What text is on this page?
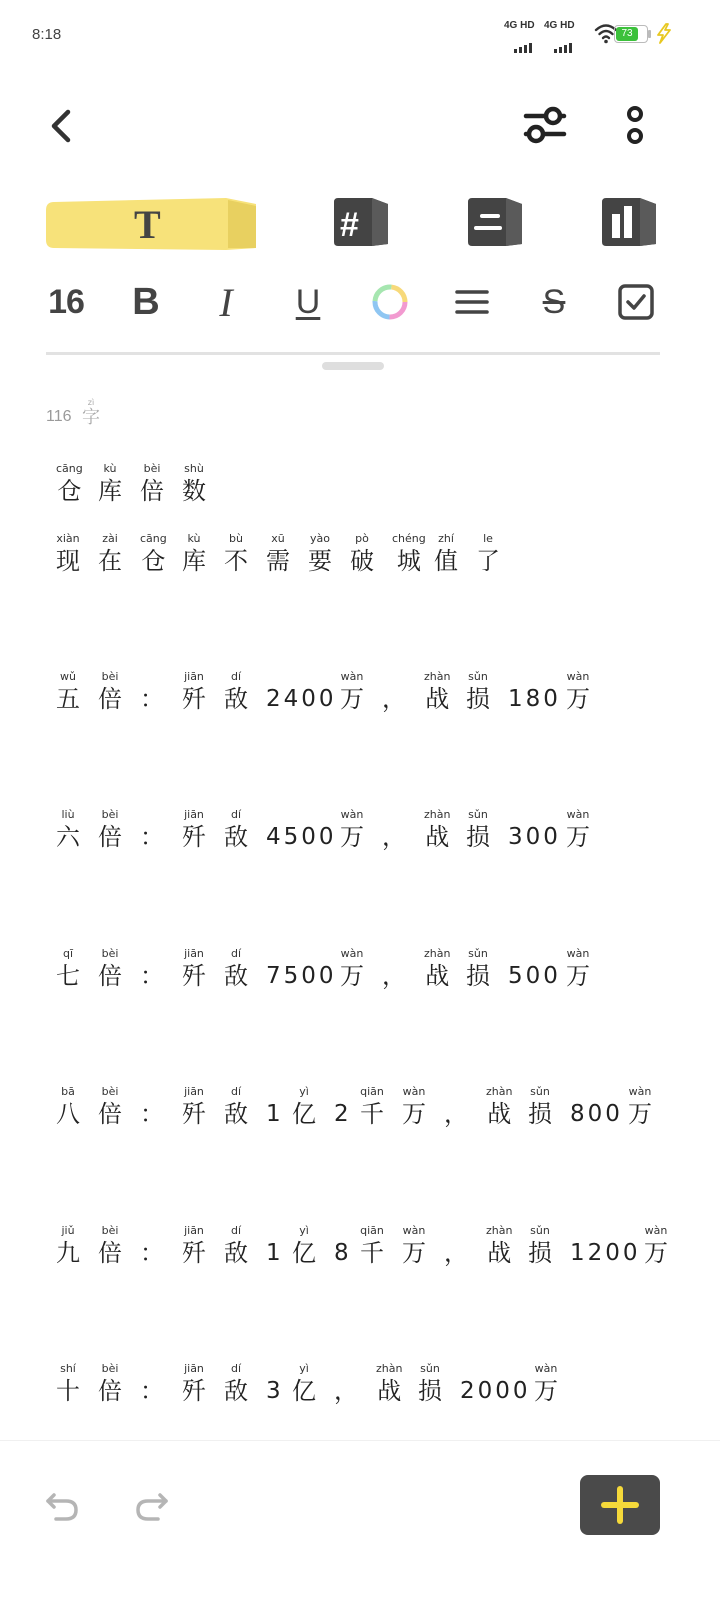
8:18
4G HD 4G HD
73
T	#
16 B	I	U	S
116
zì
字
cāng
仓
kù
库
bèi
倍
shù
数
xiàn
现
zài
在
cāng
仓
kù
库
bù
不
xū
需
yào
要
pò
破
chéng
城
zhí
值
le
了
wǔ
五
bèi
倍 ：
jiān
歼
dí
敌 2400
wàn
万 ，
zhàn
战
sǔn
损 180
wàn
万
liù
六
bèi
倍 ：
jiān
歼
dí
敌 4500
wàn
万 ，
zhàn
战
sǔn
损 300
wàn
万
qī
七
bèi
倍 ：
jiān
歼
dí
敌 7500
wàn
万 ，
zhàn
战
sǔn
损 500
wàn
万
bā
八
bèi
倍 ：
jiān
歼
dí
敌 1
yì
亿 2
qiān
千
wàn
万 ，
zhàn
战
sǔn
损 800
wàn
万
jiǔ
九
bèi
倍 ：
jiān
歼
dí
敌 1
yì
亿 8
qiān
千
wàn
万 ，
zhàn
战
sǔn
损 1200
wàn
万
shí
十
bèi
倍 ：
jiān
歼
dí
敌 3
yì
亿 ，
zhàn
战
sǔn
损 2000
wàn
万
